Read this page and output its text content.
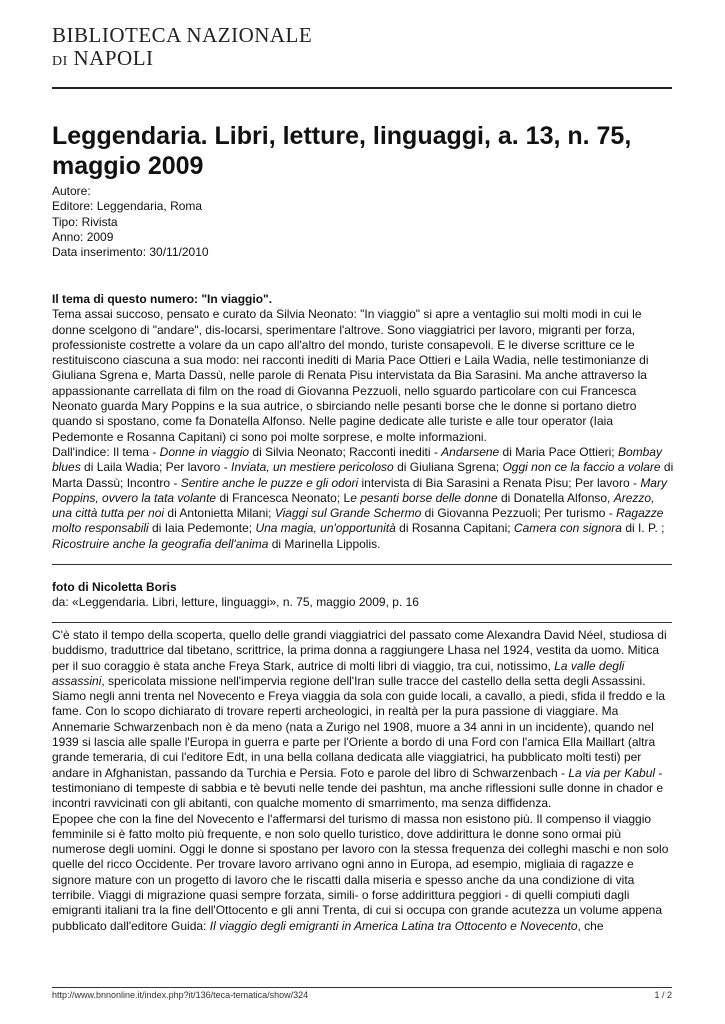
BIBLIOTECA NAZIONALE
DI NAPOLI
Leggendaria. Libri, letture, linguaggi, a. 13, n. 75, maggio 2009
Autore:
Editore: Leggendaria, Roma
Tipo: Rivista
Anno: 2009
Data inserimento: 30/11/2010
Il tema di questo numero: "In viaggio".
Tema assai succoso, pensato e curato da Silvia Neonato: "In viaggio" si apre a ventaglio sui molti modi in cui le donne scelgono di "andare", dis-locarsi, sperimentare l'altrove. Sono viaggiatrici per lavoro, migranti per forza, professioniste costrette a volare da un capo all'altro del mondo, turiste consapevoli. E le diverse scritture ce le restituiscono ciascuna a sua modo: nei racconti inediti di Maria Pace Ottieri e Laila Wadia, nelle testimonianze di Giuliana Sgrena e, Marta Dassù, nelle parole di Renata Pisu intervistata da Bia Sarasini. Ma anche attraverso la appassionante carrellata di film on the road di Giovanna Pezzuoli, nello sguardo particolare con cui Francesca Neonato guarda Mary Poppins e la sua autrice, o sbirciando nelle pesanti borse che le donne si portano dietro quando si spostano, come fa Donatella Alfonso. Nelle pagine dedicate alle turiste e alle tour operator (Iaia Pedemonte e Rosanna Capitani) ci sono poi molte sorprese, e molte informazioni.
Dall'indice: Il tema - Donne in viaggio di Silvia Neonato; Racconti inediti - Andarsene di Maria Pace Ottieri; Bombay blues di Laila Wadia; Per lavoro - Inviata, un mestiere pericoloso di Giuliana Sgrena; Oggi non ce la faccio a volare di Marta Dassù; Incontro - Sentire anche le puzze e gli odori intervista di Bia Sarasini a Renata Pisu; Per lavoro - Mary Poppins, ovvero la tata volante di Francesca Neonato; Le pesanti borse delle donne di Donatella Alfonso, Arezzo, una città tutta per noi di Antonietta Milani; Viaggi sul Grande Schermo di Giovanna Pezzuoli; Per turismo - Ragazze molto responsabili di Iaia Pedemonte; Una magia, un'opportunità di Rosanna Capitani; Camera con signora di I. P. ; Ricostruire anche la geografia dell'anima di Marinella Lippolis.
foto di Nicoletta Boris
da: «Leggendaria. Libri, letture, linguaggi», n. 75, maggio 2009, p. 16
C'è stato il tempo della scoperta, quello delle grandi viaggiatrici del passato come Alexandra David Néel, studiosa di buddismo, traduttrice dal tibetano, scrittrice, la prima donna a raggiungere Lhasa nel 1924, vestita da uomo. Mitica per il suo coraggio è stata anche Freya Stark, autrice di molti libri di viaggio, tra cui, notissimo, La valle degli assassini, spericolata missione nell'impervia regione dell'Iran sulle tracce del castello della setta degli Assassini. Siamo negli anni trenta nel Novecento e Freya viaggia da sola con guide locali, a cavallo, a piedi, sfida il freddo e la fame. Con lo scopo dichiarato di trovare reperti archeologici, in realtà per la pura passione di viaggiare. Ma Annemarie Schwarzenbach non è da meno (nata a Zurigo nel 1908, muore a 34 anni in un incidente), quando nel 1939 si lascia alle spalle l'Europa in guerra e parte per l'Oriente a bordo di una Ford con l'amica Ella Maillart (altra grande temeraria, di cui l'editore Edt, in una bella collana dedicata alle viaggiatrici, ha pubblicato molti testi) per andare in Afghanistan, passando da Turchia e Persia. Foto e parole del libro di Schwarzenbach - La via per Kabul - testimoniano di tempeste di sabbia e tè bevuti nelle tende dei pashtun, ma anche riflessioni sulle donne in chador e incontri ravvicinati con gli abitanti, con qualche momento di smarrimento, ma senza diffidenza.
Epopee che con la fine del Novecento e l'affermarsi del turismo di massa non esistono più. Il compenso il viaggio femminile si è fatto molto più frequente, e non solo quello turistico, dove addirittura le donne sono ormai più numerose degli uomini. Oggi le donne si spostano per lavoro con la stessa frequenza dei colleghi maschi e non solo quelle del ricco Occidente. Per trovare lavoro arrivano ogni anno in Europa, ad esempio, migliaia di ragazze e signore mature con un progetto di lavoro che le riscatti dalla miseria e spesso anche da una condizione di vita terribile. Viaggi di migrazione quasi sempre forzata, simili- o forse addirittura peggiori - di quelli compiuti dagli emigranti italiani tra la fine dell'Ottocento e gli anni Trenta, di cui si occupa con grande acutezza un volume appena pubblicato dall'editore Guida: Il viaggio degli emigranti in America Latina tra Ottocento e Novecento, che
http://www.bnnonline.it/index.php?it/136/teca-tematica/show/324	1 / 2
